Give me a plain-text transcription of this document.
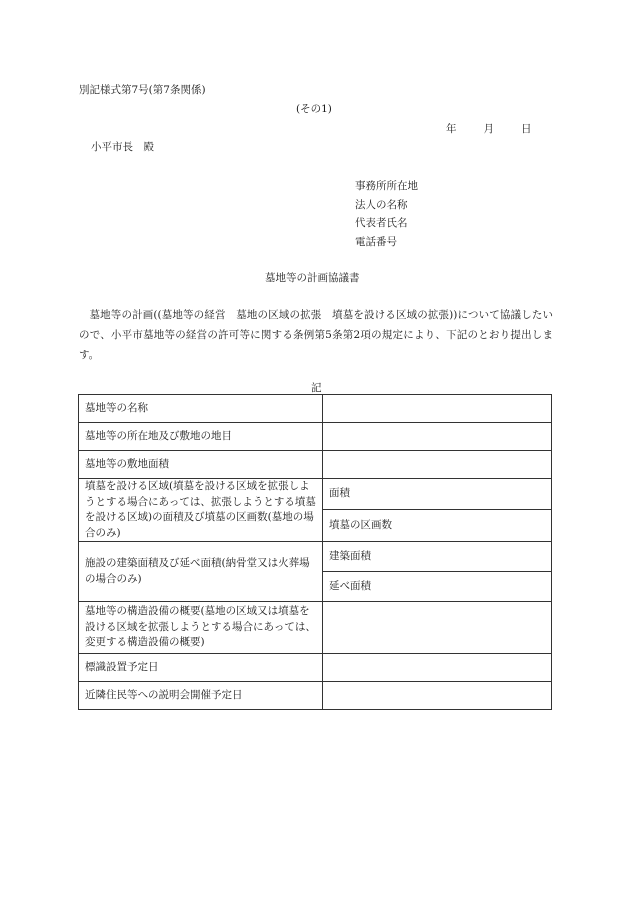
別記様式第7号(第7条関係)
(その1)
年	月	日
小平市長　殿
事務所所在地
法人の名称
代表者氏名
電話番号
墓地等の計画協議書

墓地等の計画((墓地等の経営　墓地の区域の拡張　墳墓を設ける区域の拡張))について協議したいので、小平市墓地等の経営の許可等に関する条例第5条第2項の規定により、下記のとおり提出します。

記
墓地等の名称	
墓地等の所在地及び敷地の地目	
墓地等の敷地面積	
墳墓を設ける区域(墳墓を設ける区域を拡張しようとする場合にあっては、拡張しようとする墳墓を設ける区域)の面積及び墳墓の区画数(墓地の場合のみ)	面積
	墳墓の区画数
施設の建築面積及び延べ面積(納骨堂又は火葬場の場合のみ)	建築面積
	延べ面積
墓地等の構造設備の概要(墓地の区域又は墳墓を設ける区域を拡張しようとする場合にあっては、変更する構造設備の概要)	
標識設置予定日	
近隣住民等への説明会開催予定日	
